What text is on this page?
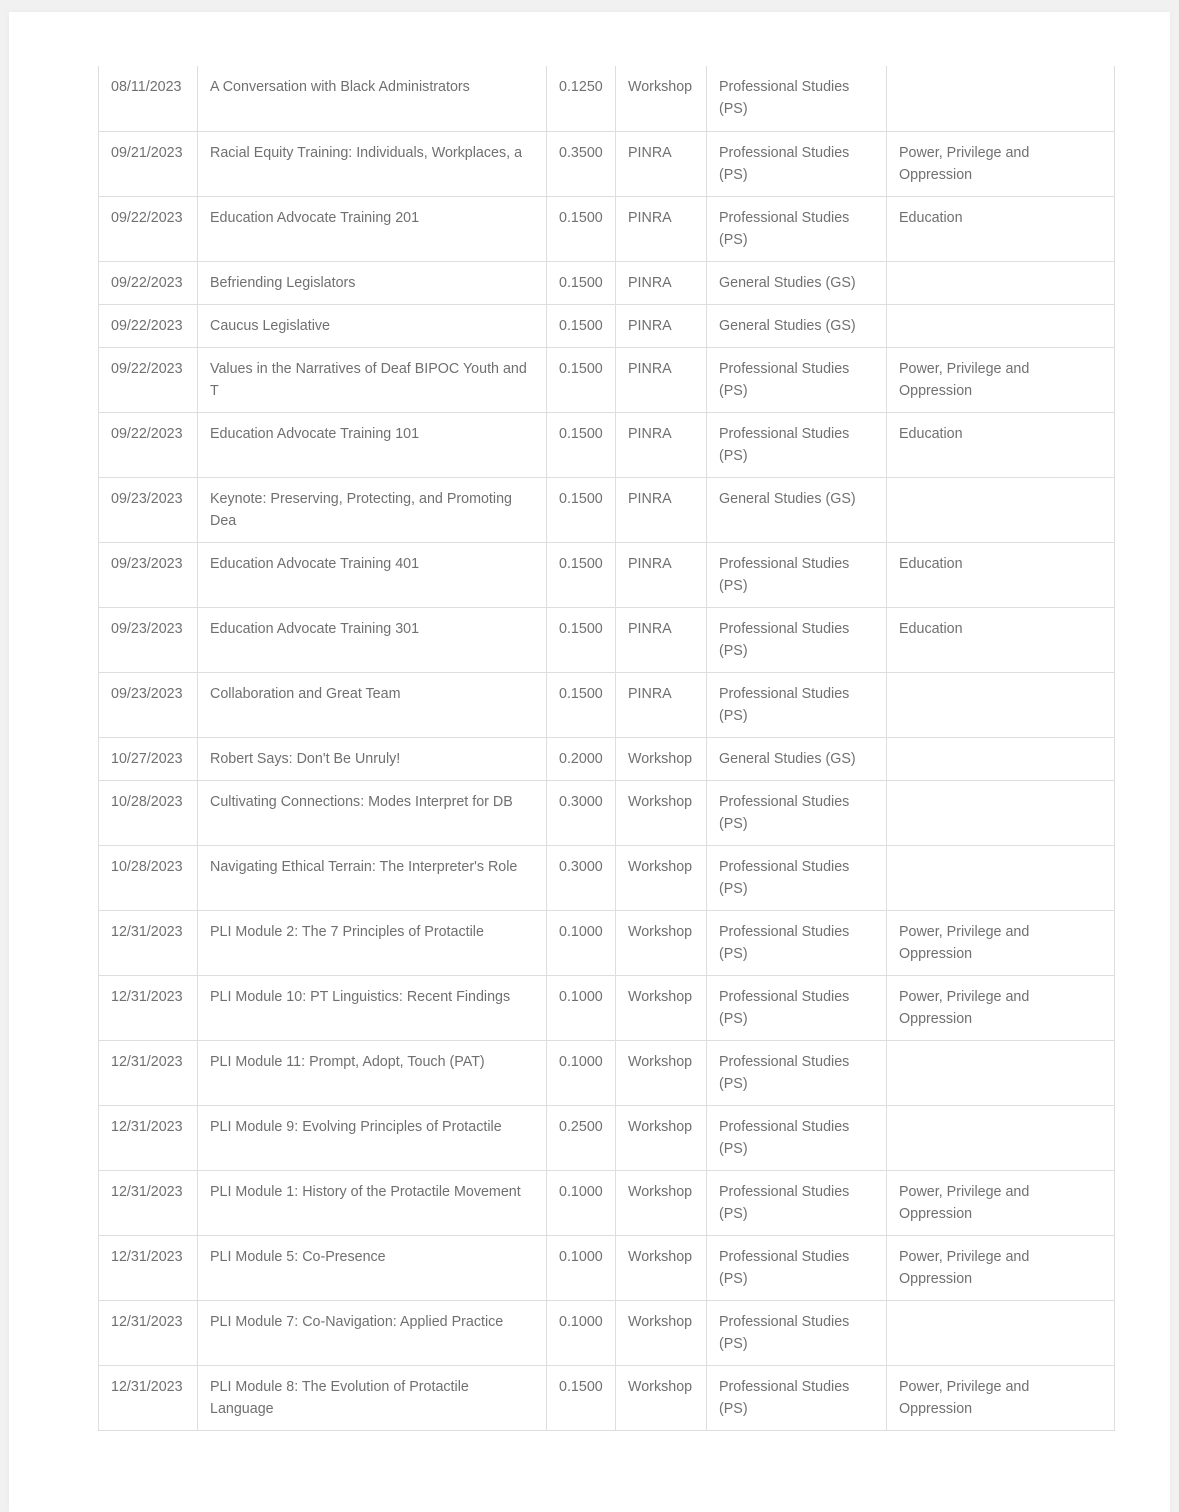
08/11/2023	A Conversation with Black Administrators	0.1250	Workshop	Professional Studies (PS)	
09/21/2023	Racial Equity Training: Individuals, Workplaces, a	0.3500	PINRA	Professional Studies (PS)	Power, Privilege and Oppression
09/22/2023	Education Advocate Training 201	0.1500	PINRA	Professional Studies (PS)	Education
09/22/2023	Befriending Legislators	0.1500	PINRA	General Studies (GS)	
09/22/2023	Caucus Legislative	0.1500	PINRA	General Studies (GS)	
09/22/2023	Values in the Narratives of Deaf BIPOC Youth and T	0.1500	PINRA	Professional Studies (PS)	Power, Privilege and Oppression
09/22/2023	Education Advocate Training 101	0.1500	PINRA	Professional Studies (PS)	Education
09/23/2023	Keynote: Preserving, Protecting, and Promoting Dea	0.1500	PINRA	General Studies (GS)	
09/23/2023	Education Advocate Training 401	0.1500	PINRA	Professional Studies (PS)	Education
09/23/2023	Education Advocate Training 301	0.1500	PINRA	Professional Studies (PS)	Education
09/23/2023	Collaboration and Great Team	0.1500	PINRA	Professional Studies (PS)	
10/27/2023	Robert Says: Don't Be Unruly!	0.2000	Workshop	General Studies (GS)	
10/28/2023	Cultivating Connections: Modes Interpret for DB	0.3000	Workshop	Professional Studies (PS)	
10/28/2023	Navigating Ethical Terrain: The Interpreter's Role	0.3000	Workshop	Professional Studies (PS)	
12/31/2023	PLI Module 2: The 7 Principles of Protactile	0.1000	Workshop	Professional Studies (PS)	Power, Privilege and Oppression
12/31/2023	PLI Module 10: PT Linguistics: Recent Findings	0.1000	Workshop	Professional Studies (PS)	Power, Privilege and Oppression
12/31/2023	PLI Module 11: Prompt, Adopt, Touch (PAT)	0.1000	Workshop	Professional Studies (PS)	
12/31/2023	PLI Module 9: Evolving Principles of Protactile	0.2500	Workshop	Professional Studies (PS)	
12/31/2023	PLI Module 1: History of the Protactile Movement	0.1000	Workshop	Professional Studies (PS)	Power, Privilege and Oppression
12/31/2023	PLI Module 5: Co-Presence	0.1000	Workshop	Professional Studies (PS)	Power, Privilege and Oppression
12/31/2023	PLI Module 7: Co-Navigation: Applied Practice	0.1000	Workshop	Professional Studies (PS)	
12/31/2023	PLI Module 8: The Evolution of Protactile Language	0.1500	Workshop	Professional Studies (PS)	Power, Privilege and Oppression
